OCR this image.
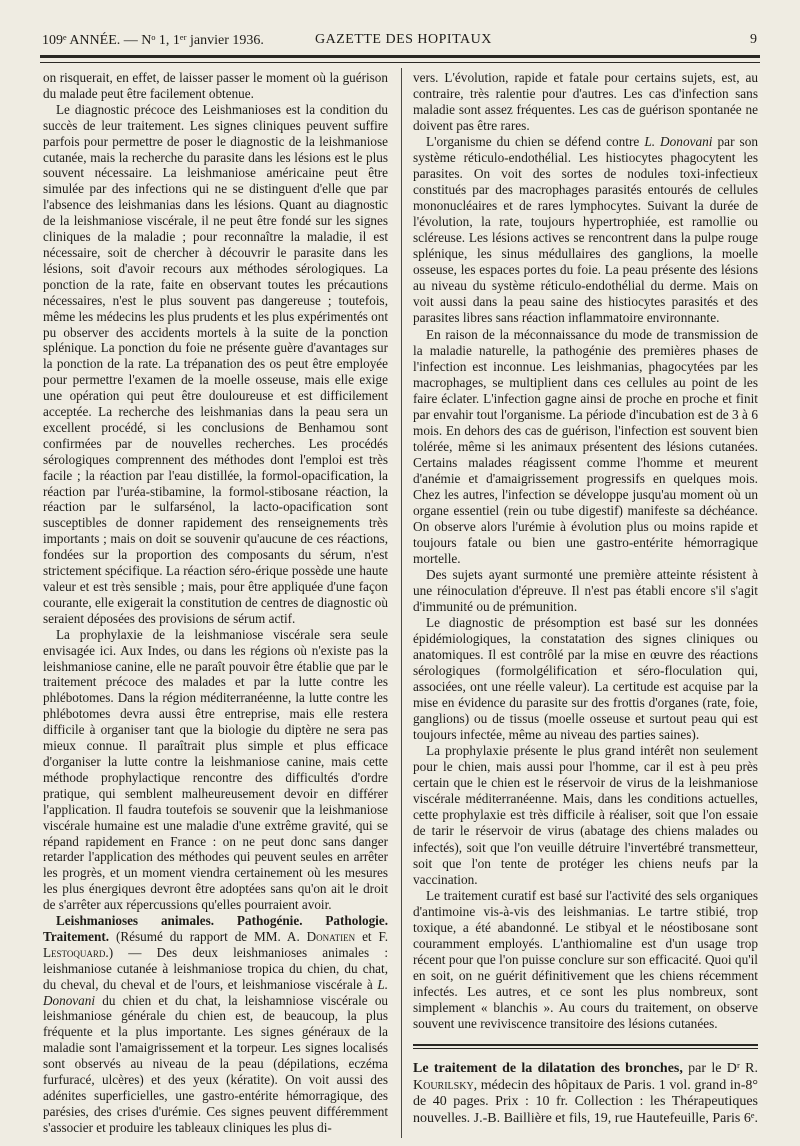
109ᵉ ANNÉE. — Nᵒ 1, 1ᵉʳ janvier 1936.	GAZETTE DES HOPITAUX	9

on risquerait, en effet, de laisser passer le moment où la guérison du malade peut être facilement obtenue.

Le diagnostic précoce des Leishmanioses est la condition du succès de leur traitement. Les signes cliniques peuvent suffire parfois pour permettre de poser le diagnostic de la leishmaniose cutanée, mais la recherche du parasite dans les lésions est le plus souvent nécessaire. La leishmaniose américaine peut être simulée par des infections qui ne se distinguent d'elle que par l'absence des leishmanias dans les lésions. Quant au diagnostic de la leishmaniose viscérale, il ne peut être fondé sur les signes cliniques de la maladie ; pour reconnaître la maladie, il est nécessaire, soit de chercher à découvrir le parasite dans les lésions, soit d'avoir recours aux méthodes sérologiques. La ponction de la rate, faite en observant toutes les précautions nécessaires, n'est le plus souvent pas dangereuse ; toutefois, même les médecins les plus prudents et les plus expérimentés ont pu observer des accidents mortels à la suite de la ponction splénique. La ponction du foie ne présente guère d'avantages sur la ponction de la rate. La trépanation des os peut être employée pour permettre l'examen de la moelle osseuse, mais elle exige une opération qui peut être douloureuse et est difficilement acceptée. La recherche des leishmanias dans la peau sera un excellent procédé, si les conclusions de Benhamou sont confirmées par de nouvelles recherches. Les procédés sérologiques comprennent des méthodes dont l'emploi est très facile ; la réaction par l'eau distillée, la formol-opacification, la réaction par l'uréa-stibamine, la formol-stibosane réaction, la réaction par le sulfarsénol, la lacto-opacification sont susceptibles de donner rapidement des renseignements très importants ; mais on doit se souvenir qu'aucune de ces réactions, fondées sur la proportion des composants du sérum, n'est strictement spécifique. La réaction séro-érique possède une haute valeur et est très sensible ; mais, pour être appliquée d'une façon courante, elle exigerait la constitution de centres de diagnostic où seraient déposées des provisions de sérum actif.

La prophylaxie de la leishmaniose viscérale sera seule envisagée ici. Aux Indes, ou dans les régions où n'existe pas la leishmaniose canine, elle ne paraît pouvoir être établie que par le traitement précoce des malades et par la lutte contre les phlébotomes. Dans la région méditerranéenne, la lutte contre les phlébotomes devra aussi être entreprise, mais elle restera difficile à organiser tant que la biologie du diptère ne sera pas mieux connue. Il paraîtrait plus simple et plus efficace d'organiser la lutte contre la leishmaniose canine, mais cette méthode prophylactique rencontre des difficultés d'ordre pratique, qui semblent malheureusement devoir en différer l'application. Il faudra toutefois se souvenir que la leishmaniose viscérale humaine est une maladie d'une extrême gravité, qui se répand rapidement en France : on ne peut donc sans danger retarder l'application des méthodes qui peuvent seules en arrêter les progrès, et un moment viendra certainement où les mesures les plus énergiques devront être adoptées sans qu'on ait le droit de s'arrêter aux répercussions qu'elles pourraient avoir.

Leishmanioses animales. Pathogénie. Pathologie. Traitement. (Résumé du rapport de MM. A. Donatien et F. Lestoquard.) — Des deux leishmanioses animales : leishmaniose cutanée à leishmaniose tropica du chien, du chat, du cheval, du cheval et de l'ours, et leishmaniose viscérale à L. Donovani du chien et du chat, la leishamniose viscérale ou leishmaniose générale du chien est, de beaucoup, la plus fréquente et la plus importante. Les signes généraux de la maladie sont l'amaigrissement et la torpeur. Les signes localisés sont observés au niveau de la peau (dépilations, eczéma furfuracé, ulcères) et des yeux (kératite). On voit aussi des adénites superficielles, une gastro-entérite hémorragique, des parésies, des crises d'urémie. Ces signes peuvent différemment s'associer et produire les tableaux cliniques les plus di-

vers. L'évolution, rapide et fatale pour certains sujets, est, au contraire, très ralentie pour d'autres. Les cas d'infection sans maladie sont assez fréquentes. Les cas de guérison spontanée ne doivent pas être rares.

L'organisme du chien se défend contre L. Donovani par son système réticulo-endothélial. Les histiocytes phagocytent les parasites. On voit des sortes de nodules toxi-infectieux constitués par des macrophages parasités entourés de cellules mononucléaires et de rares lymphocytes. Suivant la durée de l'évolution, la rate, toujours hypertrophiée, est ramollie ou scléreuse. Les lésions actives se rencontrent dans la pulpe rouge splénique, les sinus médullaires des ganglions, la moelle osseuse, les espaces portes du foie. La peau présente des lésions au niveau du système réticulo-endothélial du derme. Mais on voit aussi dans la peau saine des histiocytes parasités et des parasites libres sans réaction inflammatoire environnante.

En raison de la méconnaissance du mode de transmission de la maladie naturelle, la pathogénie des premières phases de l'infection est inconnue. Les leishmanias, phagocytées par les macrophages, se multiplient dans ces cellules au point de les faire éclater. L'infection gagne ainsi de proche en proche et finit par envahir tout l'organisme. La période d'incubation est de 3 à 6 mois. En dehors des cas de guérison, l'infection est souvent bien tolérée, même si les animaux présentent des lésions cutanées. Certains malades réagissent comme l'homme et meurent d'anémie et d'amaigrissement progressifs en quelques mois. Chez les autres, l'infection se développe jusqu'au moment où un organe essentiel (rein ou tube digestif) manifeste sa déchéance. On observe alors l'urémie à évolution plus ou moins rapide et toujours fatale ou bien une gastro-entérite hémorragique mortelle.

Des sujets ayant surmonté une première atteinte résistent à une réinoculation d'épreuve. Il n'est pas établi encore s'il s'agit d'immunité ou de prémunition.

Le diagnostic de présomption est basé sur les données épidémiologiques, la constatation des signes cliniques ou anatomiques. Il est contrôlé par la mise en œuvre des réactions sérologiques (formolgélification et séro-floculation qui, associées, ont une réelle valeur). La certitude est acquise par la mise en évidence du parasite sur des frottis d'organes (rate, foie, ganglions) ou de tissus (moelle osseuse et surtout peau qui est toujours infectée, même au niveau des parties saines).

La prophylaxie présente le plus grand intérêt non seulement pour le chien, mais aussi pour l'homme, car il est à peu près certain que le chien est le réservoir de virus de la leishmaniose viscérale méditerranéenne. Mais, dans les conditions actuelles, cette prophylaxie est très difficile à réaliser, soit que l'on essaie de tarir le réservoir de virus (abatage des chiens malades ou infectés), soit que l'on veuille détruire l'invertébré transmetteur, soit que l'on tente de protéger les chiens neufs par la vaccination.

Le traitement curatif est basé sur l'activité des sels organiques d'antimoine vis-à-vis des leishmanias. Le tartre stibié, trop toxique, a été abandonné. Le stibyal et le néostibosane sont couramment employés. L'anthiomaline est d'un usage trop récent pour que l'on puisse conclure sur son efficacité. Quoi qu'il en soit, on ne guérit définitivement que les chiens récemment infectés. Les autres, et ce sont les plus nombreux, sont simplement « blanchis ». Au cours du traitement, on observe souvent une reviviscence transitoire des lésions cutanées.

Le traitement de la dilatation des bronches, par le Dʳ R. Kourilsky, médecin des hôpitaux de Paris. 1 vol. grand in-8° de 40 pages. Prix : 10 fr. Collection : les Thérapeutiques nouvelles. J.-B. Baillière et fils, 19, rue Hautefeuille, Paris 6ᵉ.
